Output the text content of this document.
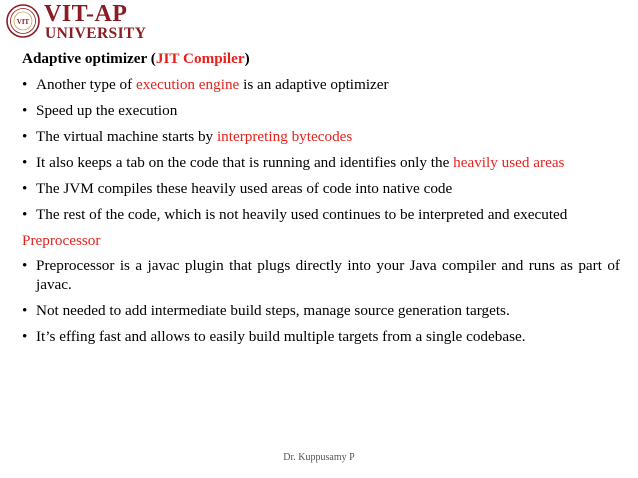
VIT VIT-AP
UNIVERSITY
Adaptive optimizer (JIT Compiler)
• Another type of execution engine is an adaptive optimizer
• Speed up the execution
• The virtual machine starts by interpreting bytecodes
• It also keeps a tab on the code that is running and identifies only the heavily used areas
• The JVM compiles these heavily used areas of code into native code
• The rest of the code, which is not heavily used continues to be interpreted and executed
Preprocessor
• Preprocessor is a javac plugin that plugs directly into your Java compiler and runs as part of javac.
• Not needed to add intermediate build steps, manage source generation targets.
• It’s effing fast and allows to easily build multiple targets from a single codebase.
Dr. Kuppusamy P
